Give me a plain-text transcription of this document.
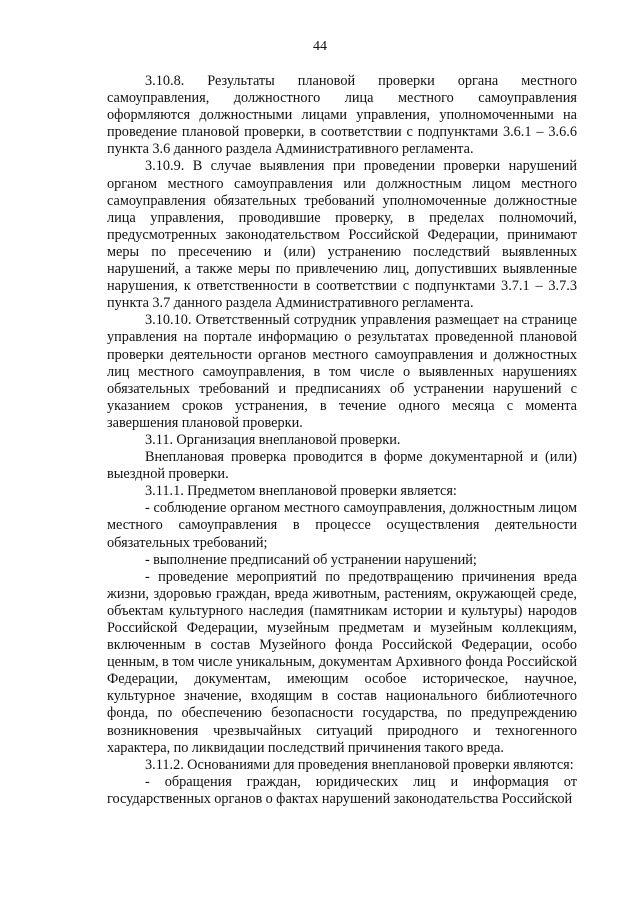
44

3.10.8. Результаты плановой проверки органа местного самоуправления, должностного лица местного самоуправления оформляются должностными лицами управления, уполномоченными на проведение плановой проверки, в соответствии с подпунктами 3.6.1 – 3.6.6 пункта 3.6 данного раздела Административного регламента.

3.10.9. В случае выявления при проведении проверки нарушений органом местного самоуправления или должностным лицом местного самоуправления обязательных требований уполномоченные должностные лица управления, проводившие проверку, в пределах полномочий, предусмотренных законодательством Российской Федерации, принимают меры по пресечению и (или) устранению последствий выявленных нарушений, а также меры по привлечению лиц, допустивших выявленные нарушения, к ответственности в соответствии с подпунктами 3.7.1 – 3.7.3 пункта 3.7 данного раздела Административного регламента.

3.10.10. Ответственный сотрудник управления размещает на странице управления на портале информацию о результатах проведенной плановой проверки деятельности органов местного самоуправления и должностных лиц местного самоуправления, в том числе о выявленных нарушениях обязательных требований и предписаниях об устранении нарушений с указанием сроков устранения, в течение одного месяца с момента завершения плановой проверки.

3.11. Организация внеплановой проверки.

Внеплановая проверка проводится в форме документарной и (или) выездной проверки.

3.11.1. Предметом внеплановой проверки является:

- соблюдение органом местного самоуправления, должностным лицом местного самоуправления в процессе осуществления деятельности обязательных требований;

- выполнение предписаний об устранении нарушений;

- проведение мероприятий по предотвращению причинения вреда жизни, здоровью граждан, вреда животным, растениям, окружающей среде, объектам культурного наследия (памятникам истории и культуры) народов Российской Федерации, музейным предметам и музейным коллекциям, включенным в состав Музейного фонда Российской Федерации, особо ценным, в том числе уникальным, документам Архивного фонда Российской Федерации, документам, имеющим особое историческое, научное, культурное значение, входящим в состав национального библиотечного фонда, по обеспечению безопасности государства, по предупреждению возникновения чрезвычайных ситуаций природного и техногенного характера, по ликвидации последствий причинения такого вреда.

3.11.2. Основаниями для проведения внеплановой проверки являются:

- обращения граждан, юридических лиц и информация от государственных органов о фактах нарушений законодательства Российской
